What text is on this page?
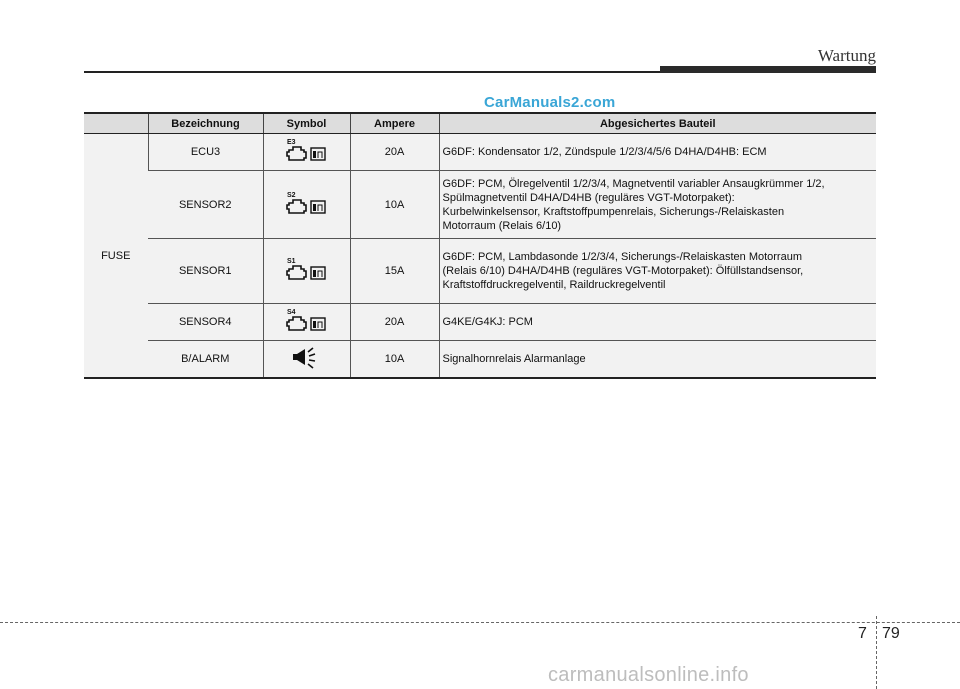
Wartung
CarManuals2.com
	Bezeichnung	Symbol	Ampere	Abgesichertes Bauteil
FUSE	ECU3	E3	20A	G6DF: Kondensator 1/2, Zündspule 1/2/3/4/5/6 D4HA/D4HB: ECM

	SENSOR2	S2	10A	G6DF: PCM, Ölregelventil 1/2/3/4, Magnetventil variabler Ansaugkrümmer 1/2,
Spülmagnetventil D4HA/D4HB (reguläres VGT-Motorpaket):
Kurbelwinkelsensor, Kraftstoffpumpenrelais, Sicherungs-/Relaiskasten
Motorraum (Relais 6/10)

	SENSOR1	S1	15A	G6DF: PCM, Lambdasonde 1/2/3/4, Sicherungs-/Relaiskasten Motorraum
(Relais 6/10) D4HA/D4HB (reguläres VGT-Motorpaket): Ölfüllstandsensor,
Kraftstoffdruckregelventil, Raildruckregelventil

	SENSOR4	S4	20A	G4KE/G4KJ: PCM

	B/ALARM		10A	Signalhornrelais Alarmanlage
7 79
carmanualsonline.info
